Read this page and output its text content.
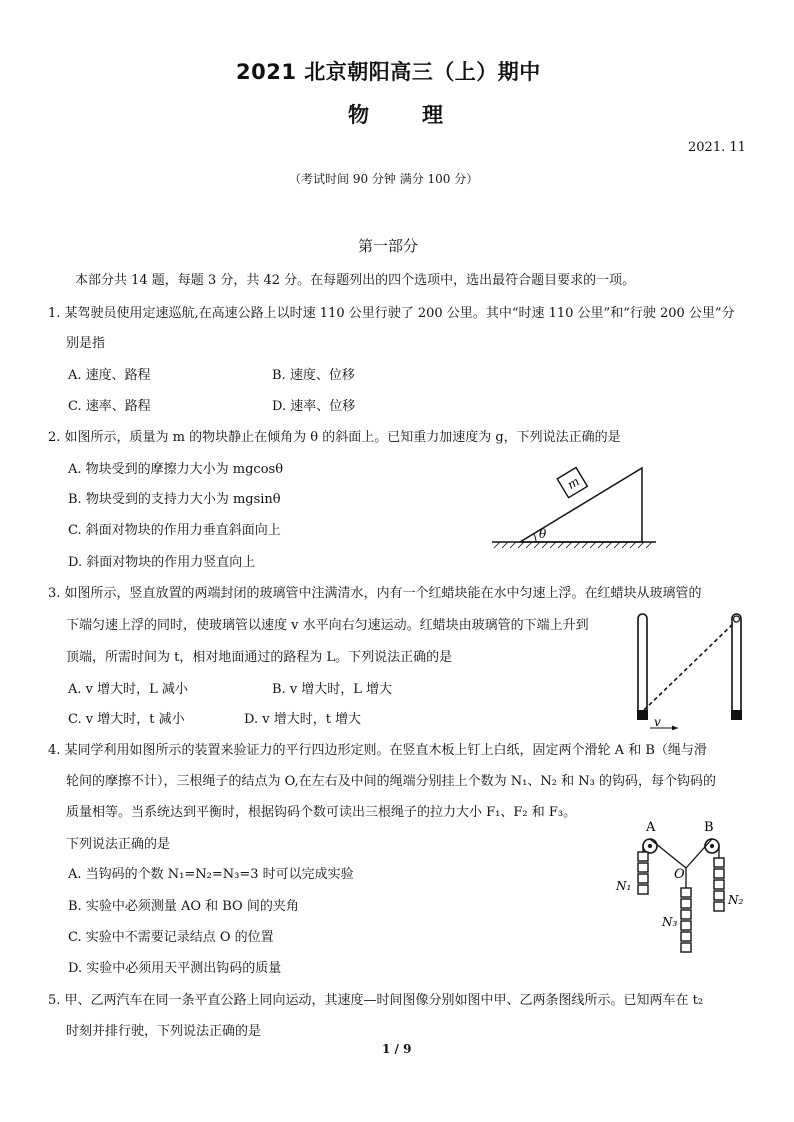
2021 北京朝阳高三（上）期中
物	理
2021. 11
（考试时间 90 分钟 满分 100 分）
第一部分
本部分共 14 题，每题 3 分，共 42 分。在每题列出的四个选项中，选出最符合题目要求的一项。
1. 某驾驶员使用定速巡航,在高速公路上以时速 110 公里行驶了 200 公里。其中“时速 110 公里”和“行驶 200 公里”分
别是指
A. 速度、路程	B. 速度、位移
C. 速率、路程	D. 速率、位移
2. 如图所示，质量为 m 的物块静止在倾角为 θ 的斜面上。已知重力加速度为 g，下列说法正确的是
A. 物块受到的摩擦力大小为 mgcosθ
B. 物块受到的支持力大小为 mgsinθ
C. 斜面对物块的作用力垂直斜面向上
D. 斜面对物块的作用力竖直向上
m
θ
3. 如图所示，竖直放置的两端封闭的玻璃管中注满清水，内有一个红蜡块能在水中匀速上浮。在红蜡块从玻璃管的
下端匀速上浮的同时，使玻璃管以速度 v 水平向右匀速运动。红蜡块由玻璃管的下端上升到
顶端，所需时间为 t，相对地面通过的路程为 L。下列说法正确的是
A. v 增大时，L 减小	B. v 增大时，L 增大
C. v 增大时，t 减小	D. v 增大时，t 增大	v
4. 某同学利用如图所示的装置来验证力的平行四边形定则。在竖直木板上钉上白纸，固定两个滑轮 A 和 B（绳与滑
轮间的摩擦不计），三根绳子的结点为 O,在左右及中间的绳端分别挂上个数为 N₁、N₂ 和 N₃ 的钩码，每个钩码的
质量相等。当系统达到平衡时，根据钩码个数可读出三根绳子的拉力大小 F₁、F₂ 和 F₃。
下列说法正确的是
A. 当钩码的个数 N₁=N₂=N₃=3 时可以完成实验
B. 实验中必须测量 AO 和 BO 间的夹角
C. 实验中不需要记录结点 O 的位置
D. 实验中必须用天平测出钩码的质量
A	B
O
N₁
N₂
N₃
5. 甲、乙两汽车在同一条平直公路上同向运动，其速度—时间图像分别如图中甲、乙两条图线所示。已知两车在 t₂
时刻并排行驶，下列说法正确的是
1 / 9
